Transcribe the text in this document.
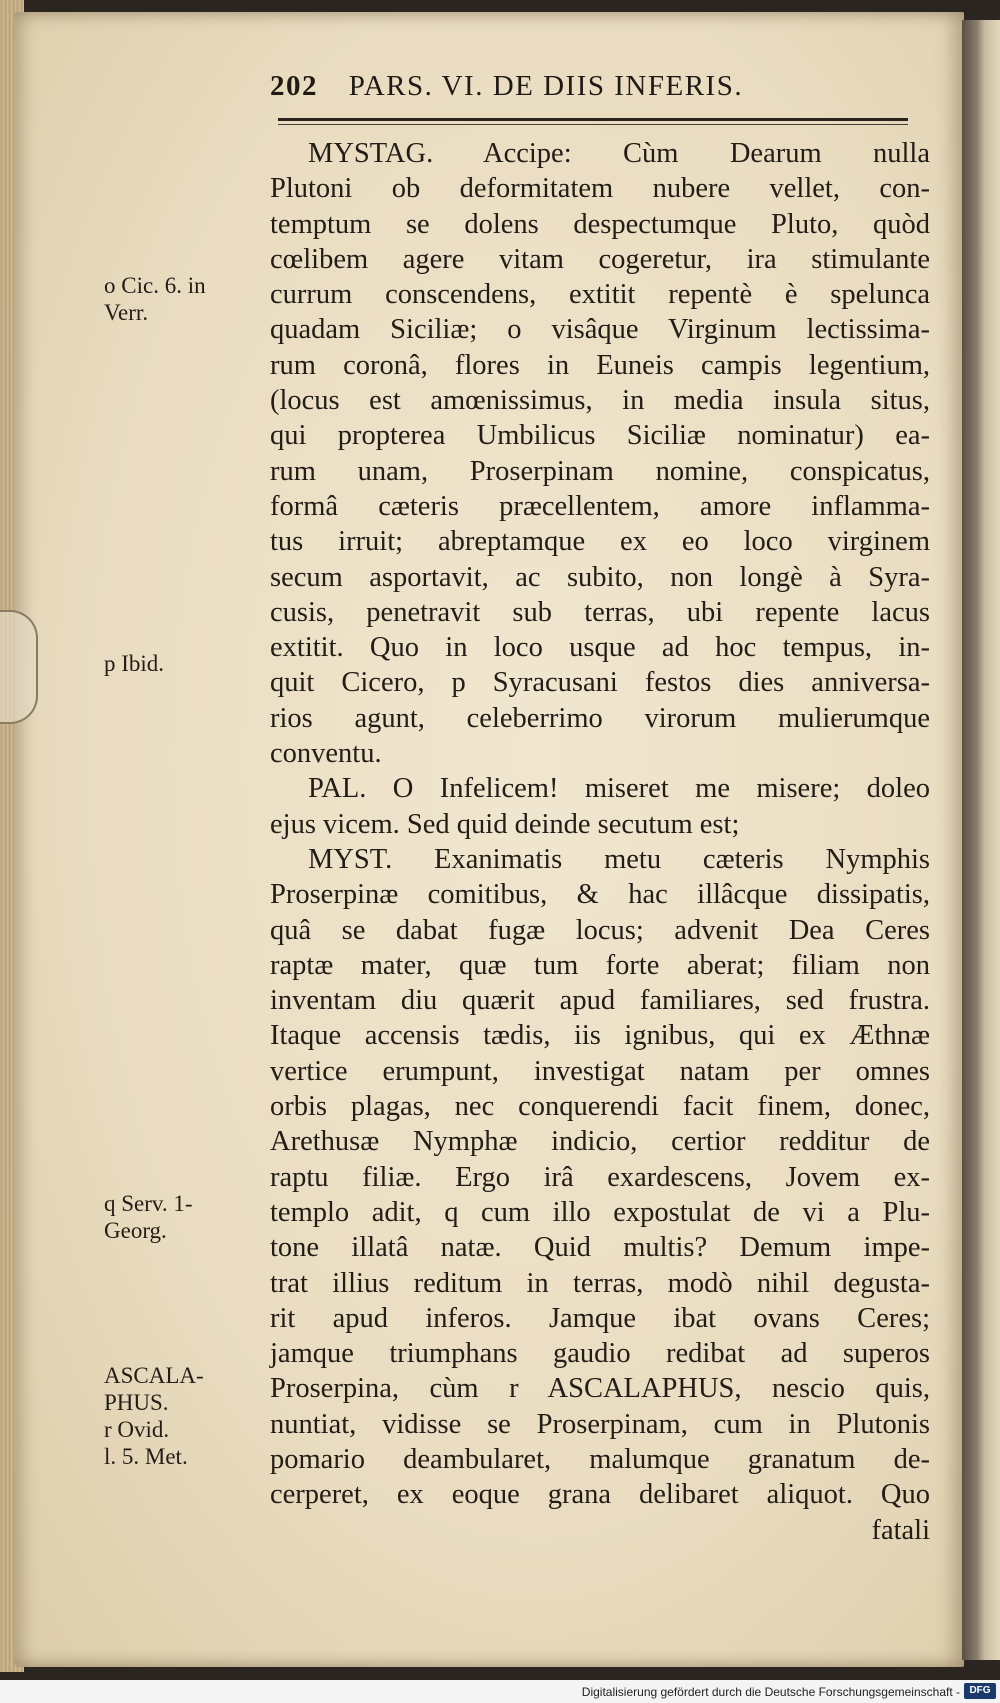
202 PARS. VI. DE DIIS INFERIS.
o Cic. 6. in
Verr.
p Ibid.
q Serv. 1-
Georg.
ASCALA-
PHUS.
r Ovid.
l. 5. Met.
MYSTAG. Accipe: Cùm Dearum nulla
Plutoni ob deformitatem nubere vellet, con-
temptum se dolens despectumque Pluto, quòd
cœlibem agere vitam cogeretur, ira stimulante
currum conscendens, extitit repentè è spelunca
quadam Siciliæ; o visâque Virginum lectissima-
rum coronâ, flores in Euneis campis legentium,
(locus est amœnissimus, in media insula situs,
qui propterea Umbilicus Siciliæ nominatur) ea-
rum unam, Proserpinam nomine, conspicatus,
formâ cæteris præcellentem, amore inflamma-
tus irruit; abreptamque ex eo loco virginem
secum asportavit, ac subito, non longè à Syra-
cusis, penetravit sub terras, ubi repente lacus
extitit. Quo in loco usque ad hoc tempus, in-
quit Cicero, p Syracusani festos dies anniversa-
rios agunt, celeberrimo virorum mulierumque
conventu.
PAL. O Infelicem! miseret me misere; doleo
ejus vicem. Sed quid deinde secutum est;
MYST. Exanimatis metu cæteris Nymphis
Proserpinæ comitibus, & hac illâcque dissipatis,
quâ se dabat fugæ locus; advenit Dea Ceres
raptæ mater, quæ tum forte aberat; filiam non
inventam diu quærit apud familiares, sed frustra.
Itaque accensis tædis, iis ignibus, qui ex Æthnæ
vertice erumpunt, investigat natam per omnes
orbis plagas, nec conquerendi facit finem, donec,
Arethusæ Nymphæ indicio, certior redditur de
raptu filiæ. Ergo irâ exardescens, Jovem ex-
templo adit, q cum illo expostulat de vi a Plu-
tone illatâ natæ. Quid multis? Demum impe-
trat illius reditum in terras, modò nihil degusta-
rit apud inferos. Jamque ibat ovans Ceres;
jamque triumphans gaudio redibat ad superos
Proserpina, cùm r ASCALAPHUS, nescio quis,
nuntiat, vidisse se Proserpinam, cum in Plutonis
pomario deambularet, malumque granatum de-
cerperet, ex eoque grana delibaret aliquot. Quo
fatali
Digitalisierung gefördert durch die Deutsche Forschungsgemeinschaft - DFG
